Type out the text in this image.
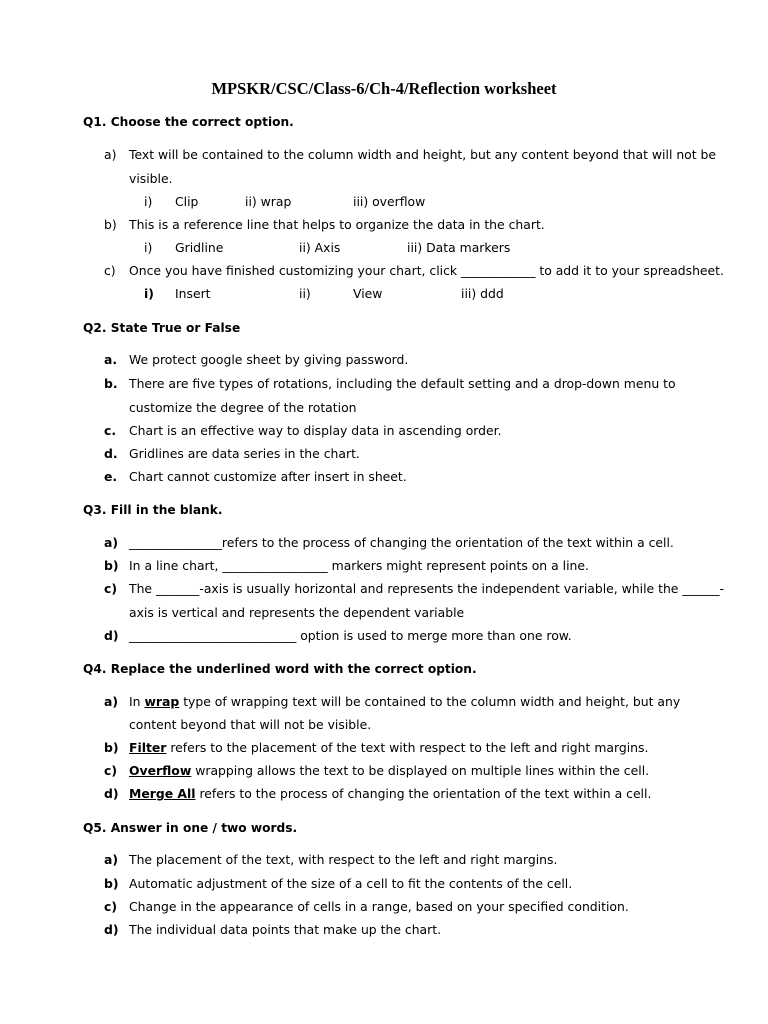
MPSKR/CSC/Class-6/Ch-4/Reflection worksheet
Q1. Choose the correct option.
a) Text will be contained to the column width and height, but any content beyond that will not be
visible.
i) Clip	ii) wrap	iii) overflow
b) This is a reference line that helps to organize the data in the chart.
i) Gridline	ii) Axis	iii) Data markers
c) Once you have finished customizing your chart, click ____________ to add it to your spreadsheet.
i) Insert	ii)	View	iii) ddd
Q2. State True or False
a. We protect google sheet by giving password.
b. There are five types of rotations, including the default setting and a drop-down menu to
customize the degree of the rotation
c. Chart is an effective way to display data in ascending order.
d. Gridlines are data series in the chart.
e. Chart cannot customize after insert in sheet.
Q3. Fill in the blank.
a) _______________refers to the process of changing the orientation of the text within a cell.
b) In a line chart, _________________ markers might represent points on a line.
c) The _______-axis is usually horizontal and represents the independent variable, while the ______-
axis is vertical and represents the dependent variable
d) ___________________________ option is used to merge more than one row.
Q4. Replace the underlined word with the correct option.
a) In wrap type of wrapping text will be contained to the column width and height, but any
content beyond that will not be visible.
b) Filter refers to the placement of the text with respect to the left and right margins.
c) Overflow wrapping allows the text to be displayed on multiple lines within the cell.
d) Merge All refers to the process of changing the orientation of the text within a cell.
Q5. Answer in one / two words.
a) The placement of the text, with respect to the left and right margins.
b) Automatic adjustment of the size of a cell to fit the contents of the cell.
c) Change in the appearance of cells in a range, based on your specified condition.
d) The individual data points that make up the chart.
